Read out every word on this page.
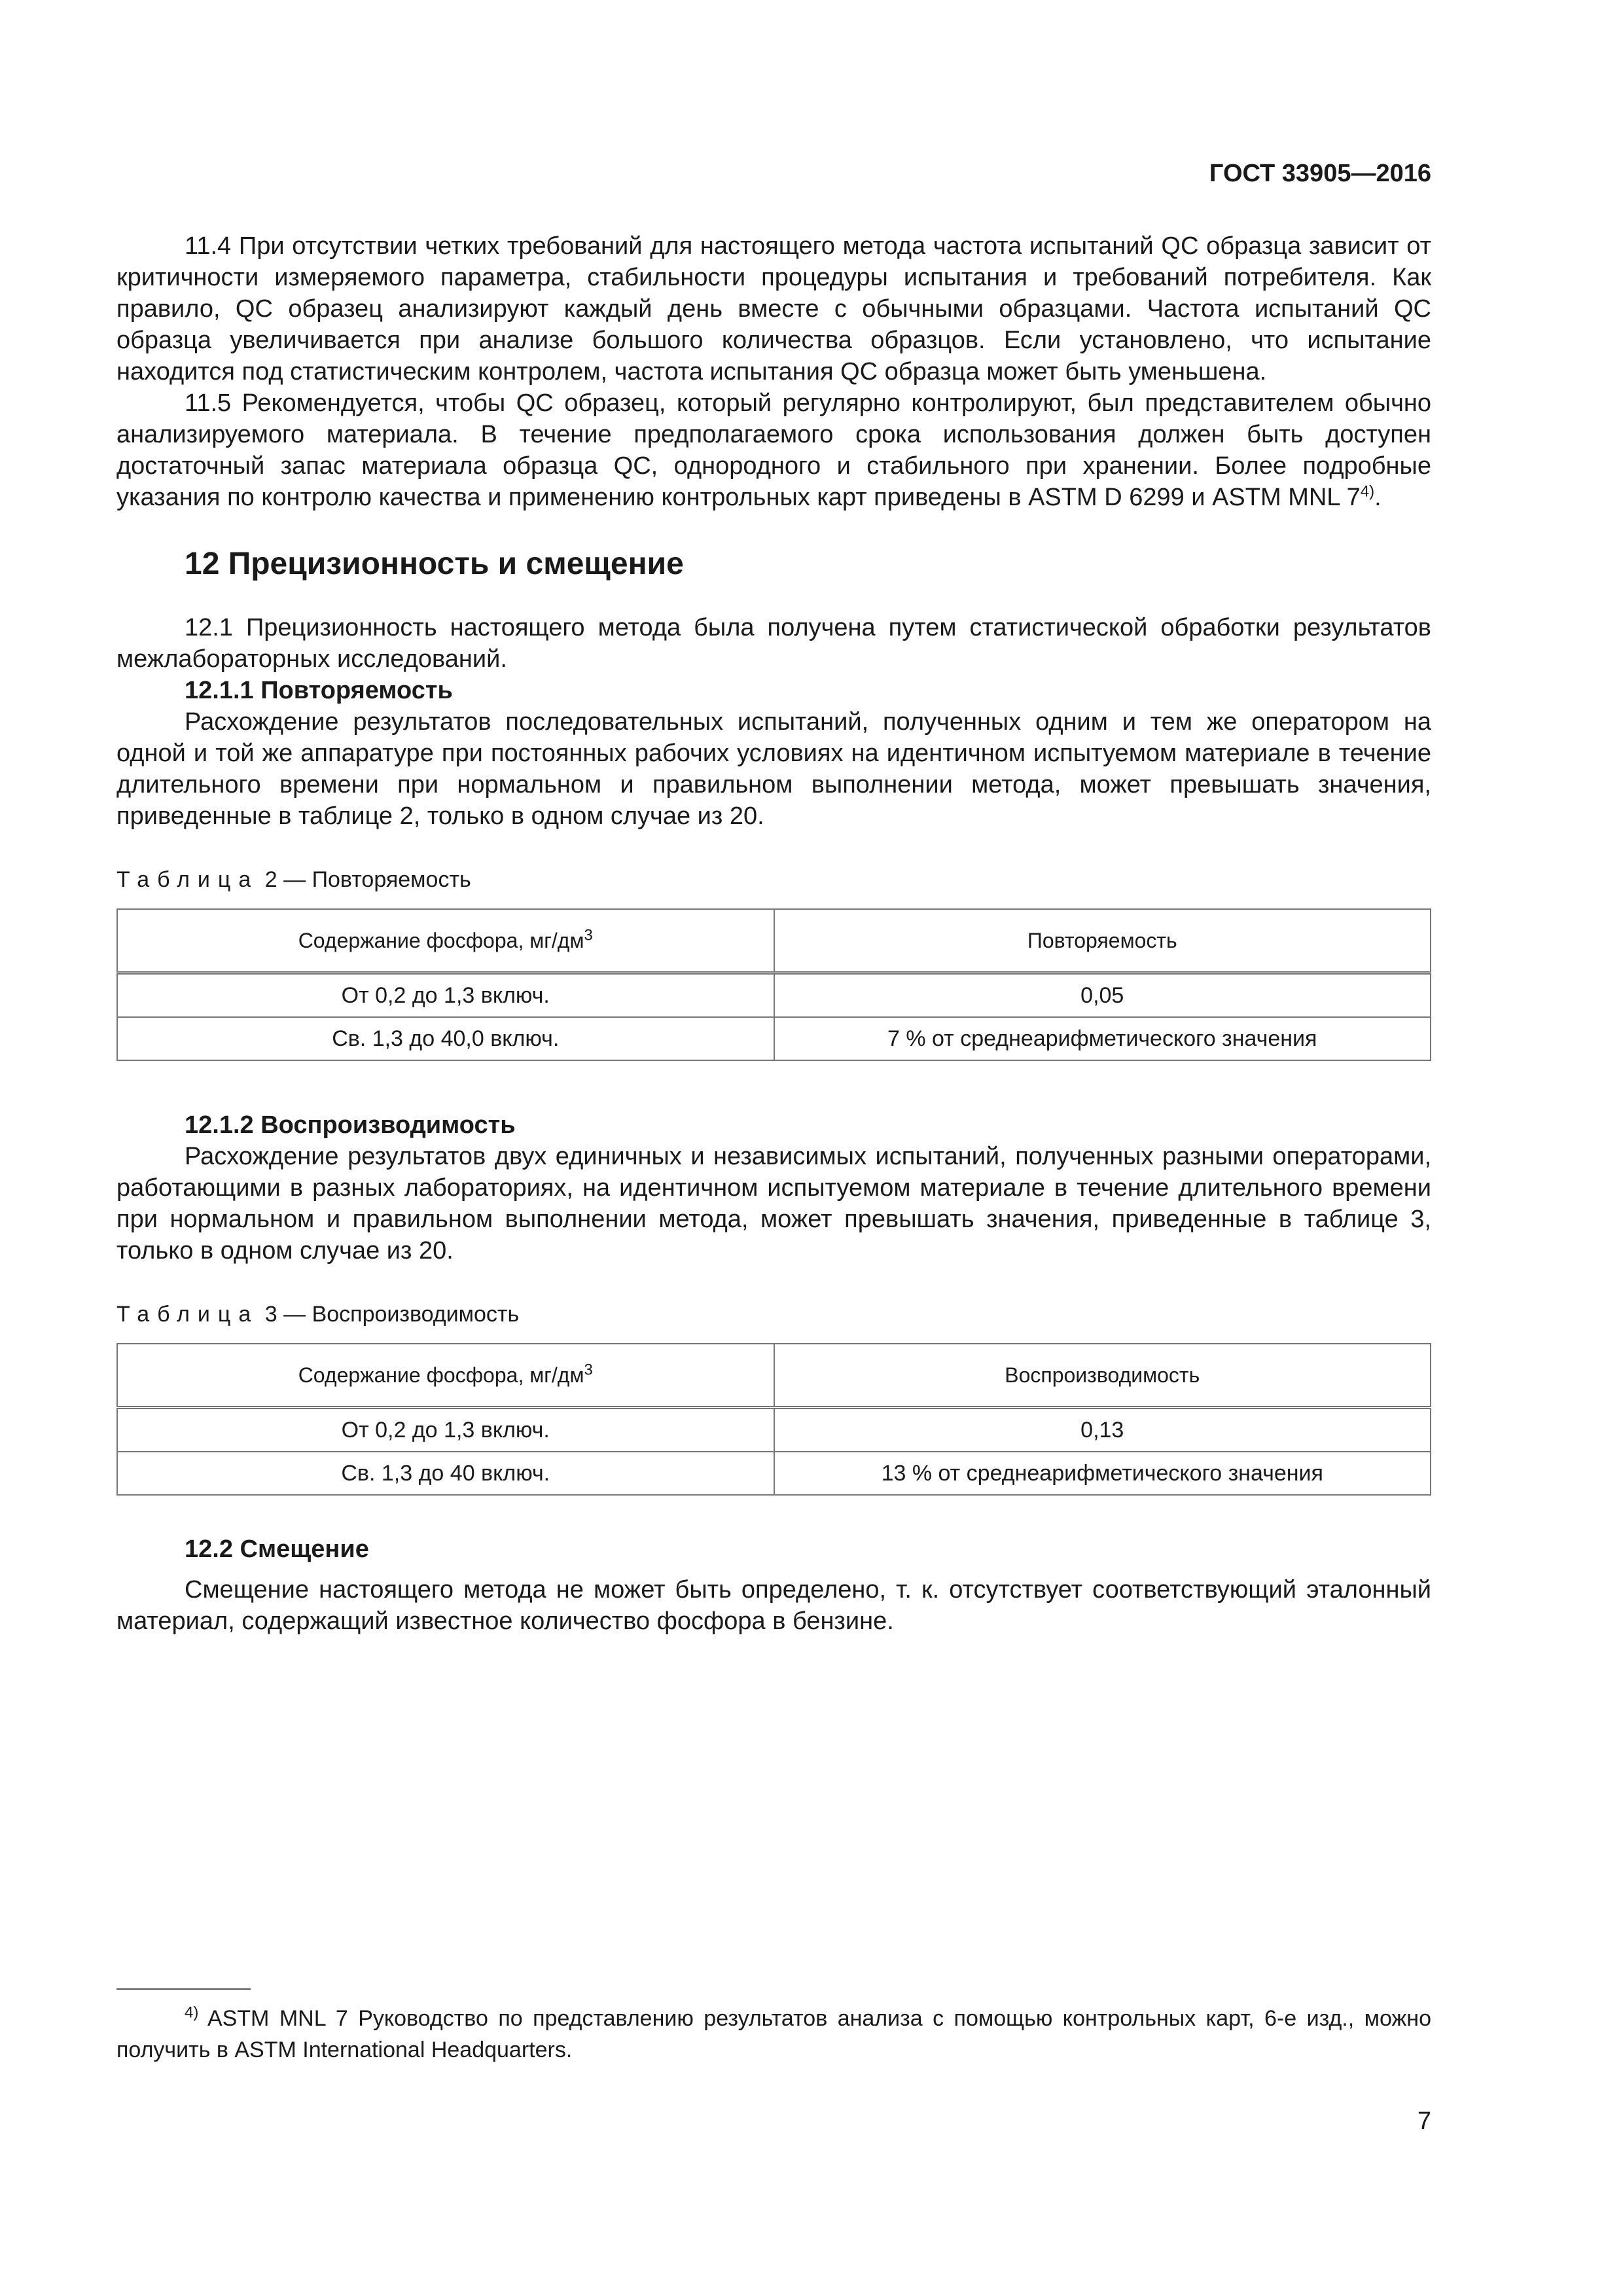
ГОСТ 33905—2016

11.4 При отсутствии четких требований для настоящего метода частота испытаний QC образца зависит от критичности измеряемого параметра, стабильности процедуры испытания и требований потребителя. Как правило, QC образец анализируют каждый день вместе с обычными образцами. Частота испытаний QC образца увеличивается при анализе большого количества образцов. Если установлено, что испытание находится под статистическим контролем, частота испытания QC образца может быть уменьшена.

11.5 Рекомендуется, чтобы QC образец, который регулярно контролируют, был представителем обычно анализируемого материала. В течение предполагаемого срока использования должен быть доступен достаточный запас материала образца QC, однородного и стабильного при хранении. Более подробные указания по контролю качества и применению контрольных карт приведены в ASTM D 6299 и ASTM MNL 7$^{4)}$.

12 Прецизионность и смещение

12.1 Прецизионность настоящего метода была получена путем статистической обработки результатов межлабораторных исследований.

12.1.1 Повторяемость

Расхождение результатов последовательных испытаний, полученных одним и тем же оператором на одной и той же аппаратуре при постоянных рабочих условиях на идентичном испытуемом материале в течение длительного времени при нормальном и правильном выполнении метода, может превышать значения, приведенные в таблице 2, только в одном случае из 20.

Таблица 2 — Повторяемость
Содержание фосфора, $мг/дм^3$	Повторяемость
От 0,2 до 1,3 включ.	0,05
Св. 1,3 до 40,0 включ.	7 % от среднеарифметического значения
12.1.2 Воспроизводимость

Расхождение результатов двух единичных и независимых испытаний, полученных разными операторами, работающими в разных лабораториях, на идентичном испытуемом материале в течение длительного времени при нормальном и правильном выполнении метода, может превышать значения, приведенные в таблице 3, только в одном случае из 20.

Таблица 3 — Воспроизводимость
Содержание фосфора, $мг/дм^3$	Воспроизводимость
От 0,2 до 1,3 включ.	0,13
Св. 1,3 до 40 включ.	13 % от среднеарифметического значения
12.2 Смещение

Смещение настоящего метода не может быть определено, т. к. отсутствует соответствующий эталонный материал, содержащий известное количество фосфора в бензине.

$^{4)}$ ASTM MNL 7 Руководство по представлению результатов анализа с помощью контрольных карт, 6-е изд., можно получить в ASTM International Headquarters.
7
